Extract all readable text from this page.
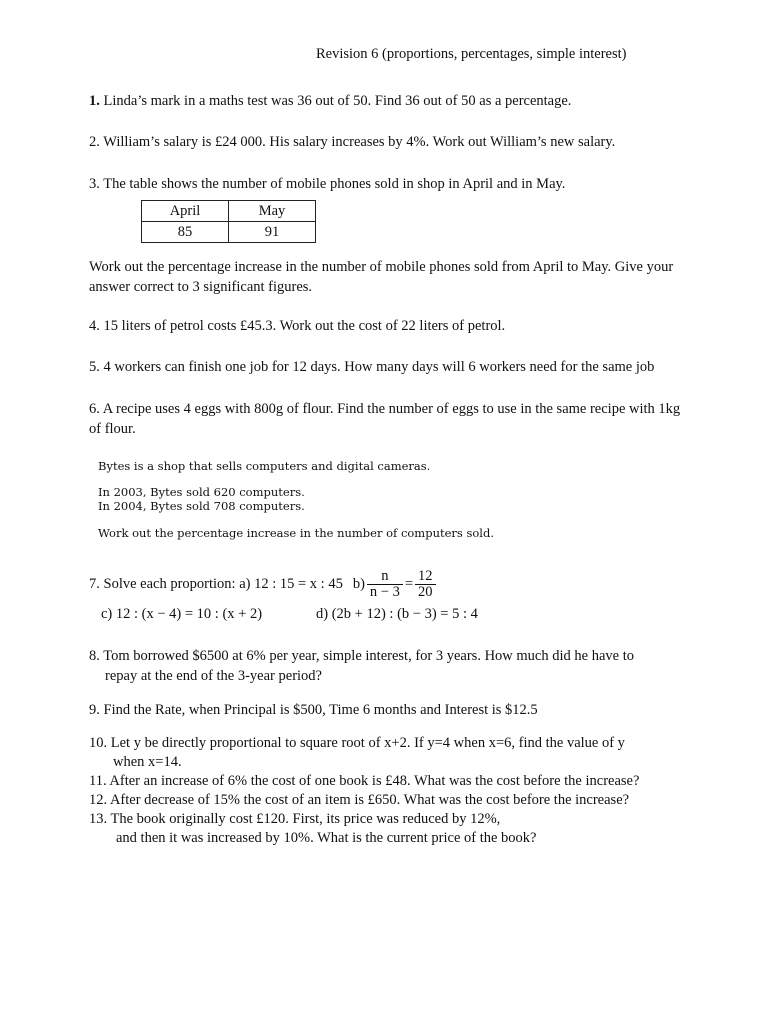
Revision 6 (proportions, percentages, simple interest)
1. Linda’s mark in a maths test was 36 out of 50. Find 36 out of 50 as a percentage.
2. William’s salary is £24 000. His salary increases by 4%. Work out William’s new salary.
3. The table shows the number of mobile phones sold in shop in April and in May.
April	May
85	91
Work out the percentage increase in the number of mobile phones sold from April to May. Give your answer correct to 3 significant figures.
4. 15 liters of petrol costs £45.3. Work out the cost of 22 liters of petrol.
5. 4 workers can finish one job for 12 days. How many days will 6 workers need for the same job
6. A recipe uses 4 eggs with 800g of flour. Find the number of eggs to use in the same recipe with 1kg of flour.
Bytes is a shop that sells computers and digital cameras.
In 2003, Bytes sold 620 computers.
In 2004, Bytes sold 708 computers.
Work out the percentage increase in the number of computers sold.
7. Solve each proportion: a) 12 : 15 = x : 45 $b) \frac{n}{n - 3} = \frac{12}{20}$
c) 12 : (x − 4) = 10 : (x + 2)	d) (2b + 12) : (b − 3) = 5 : 4
8. Tom borrowed $6500 at 6% per year, simple interest, for 3 years. How much did he have to
repay at the end of the 3-year period?
9. Find the Rate, when Principal is $500, Time 6 months and Interest is $12.5
10. Let y be directly proportional to square root of x+2. If y=4 when x=6, find the value of y
when x=14.
11. After an increase of 6% the cost of one book is £48. What was the cost before the increase?
12. After decrease of 15% the cost of an item is £650. What was the cost before the increase?
13. The book originally cost £120. First, its price was reduced by 12%,
and then it was increased by 10%. What is the current price of the book?
